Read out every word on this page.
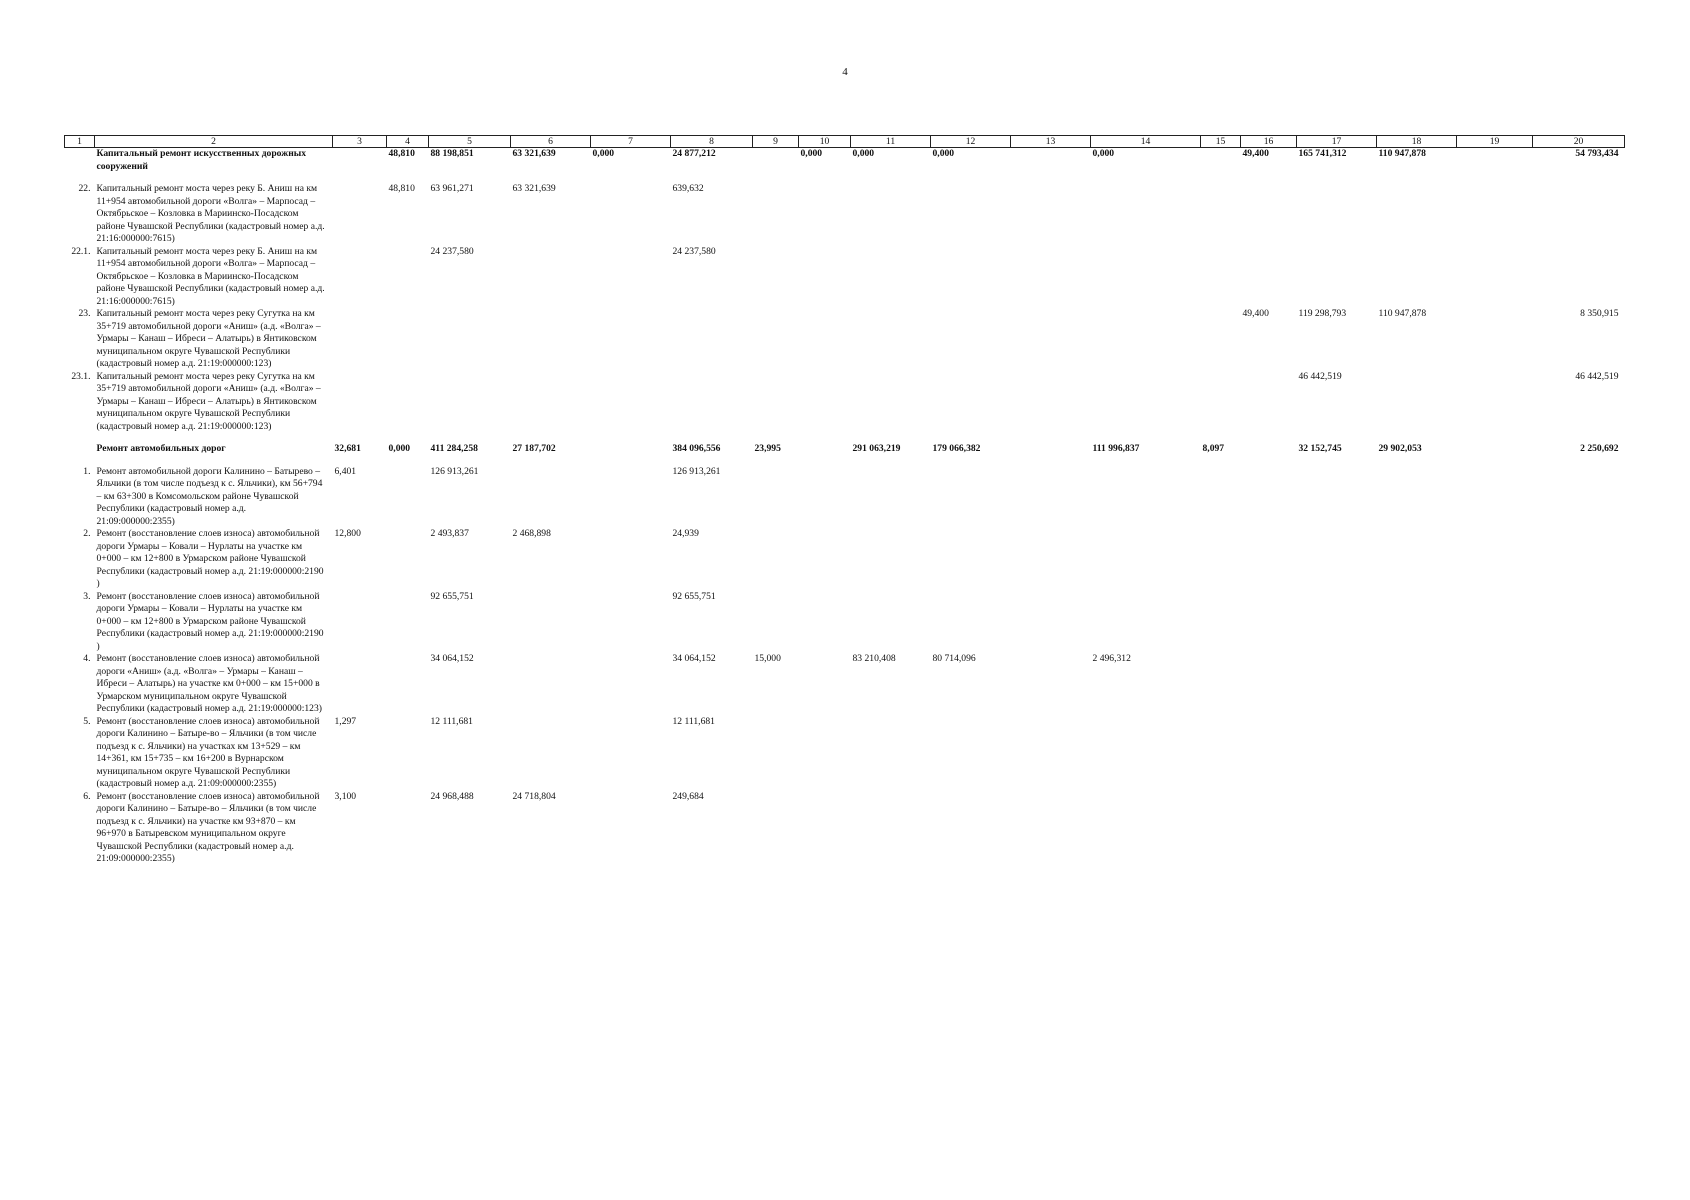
4
1	2	3	4	5	6	7	8	9	10	11	12	13	14	15	16	17	18	19	20
	Капитальный ремонт искусственных дорожных сооружений		48,810	88 198,851	63 321,639	0,000	24 877,212		0,000	0,000	0,000		0,000		49,400	165 741,312	110 947,878		54 793,434
22.	Капитальный ремонт моста через реку Б. Аниш на км 11+954 автомобильной дороги «Волга» – Марпосад – Октябрьское – Козловка в Мариинско-Посадском районе Чувашской Республики (кадастровый номер а.д. 21:16:000000:7615)		48,810	63 961,271	63 321,639		639,632												
22.1.	Капитальный ремонт моста через реку Б. Аниш на км 11+954 автомобильной дороги «Волга» – Марпосад – Октябрьское – Козловка в Мариинско-Посадском районе Чувашской Республики (кадастровый номер а.д. 21:16:000000:7615)			24 237,580			24 237,580												
23.	Капитальный ремонт моста через реку Сугутка на км 35+719 автомобильной дороги «Аниш» (а.д. «Волга» – Урмары – Канаш – Ибреси – Алатырь) в Янтиковском муниципальном округе Чувашской Республики (кадастровый номер а.д. 21:19:000000:123)														49,400	119 298,793	110 947,878		8 350,915
23.1.	Капитальный ремонт моста через реку Сугутка на км 35+719 автомобильной дороги «Аниш» (а.д. «Волга» – Урмары – Канаш – Ибреси – Алатырь) в Янтиковском муниципальном округе Чувашской Республики (кадастровый номер а.д. 21:19:000000:123)															46 442,519			46 442,519
	Ремонт автомобильных дорог	32,681	0,000	411 284,258	27 187,702		384 096,556	23,995		291 063,219	179 066,382		111 996,837	8,097		32 152,745	29 902,053		2 250,692
1.	Ремонт автомобильной дороги Калинино – Батырево – Яльчики (в том числе подъезд к с. Яльчики), км 56+794 – км 63+300 в Комсомольском районе Чувашской Республики (кадастровый номер а.д. 21:09:000000:2355)	6,401		126 913,261			126 913,261												
2.	Ремонт (восстановление слоев износа) автомобильной дороги Урмары – Ковали – Нурлаты на участке км 0+000 – км 12+800 в Урмарском районе Чувашской Республики (кадастровый номер а.д. 21:19:000000:2190 )	12,800		2 493,837	2 468,898		24,939												
3.	Ремонт (восстановление слоев износа) автомобильной дороги Урмары – Ковали – Нурлаты на участке км 0+000 – км 12+800 в Урмарском районе Чувашской Республики (кадастровый номер а.д. 21:19:000000:2190 )			92 655,751			92 655,751												
4.	Ремонт (восстановление слоев износа) автомобильной дороги «Аниш» (а.д. «Волга» – Урмары – Канаш – Ибреси – Алатырь) на участке км 0+000 – км 15+000 в Урмарском муниципальном округе Чувашской Республики (кадастровый номер а.д. 21:19:000000:123)			34 064,152			34 064,152	15,000		83 210,408	80 714,096		2 496,312						
5.	Ремонт (восстановление слоев износа) автомобильной дороги Калинино – Батыре-во – Яльчики (в том числе подъезд к с. Яльчики) на участках км 13+529 – км 14+361, км 15+735 – км 16+200 в Вурнарском муниципальном округе Чувашской Республики (кадастровый номер а.д. 21:09:000000:2355)	1,297		12 111,681			12 111,681												
6.	Ремонт (восстановление слоев износа) автомобильной дороги Калинино – Батыре-во – Яльчики (в том числе подъезд к с. Яльчики) на участке км 93+870 – км 96+970 в Батыревском муниципальном округе Чувашской Республики (кадастровый номер а.д. 21:09:000000:2355)	3,100		24 968,488	24 718,804		249,684												
